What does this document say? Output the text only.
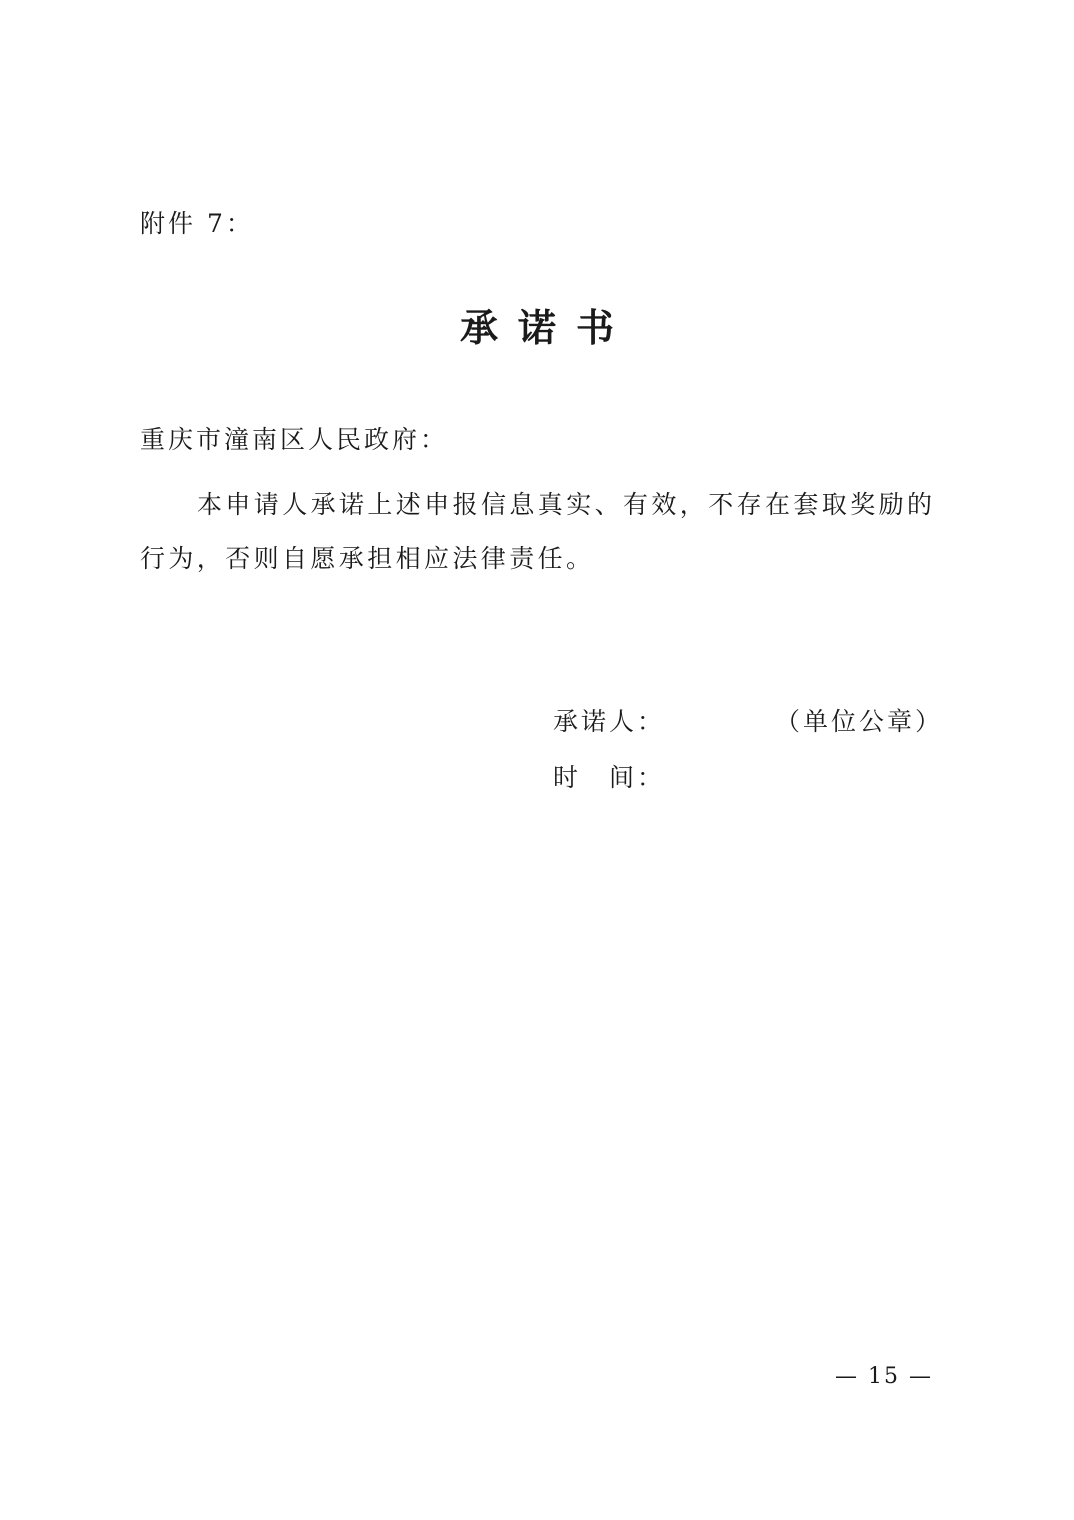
附件 7：
承诺书
重庆市潼南区人民政府：
本申请人承诺上述申报信息真实、有效，不存在套取奖励的行为，否则自愿承担相应法律责任。
承诺人：	（单位公章）
时 间：
— 15 —
